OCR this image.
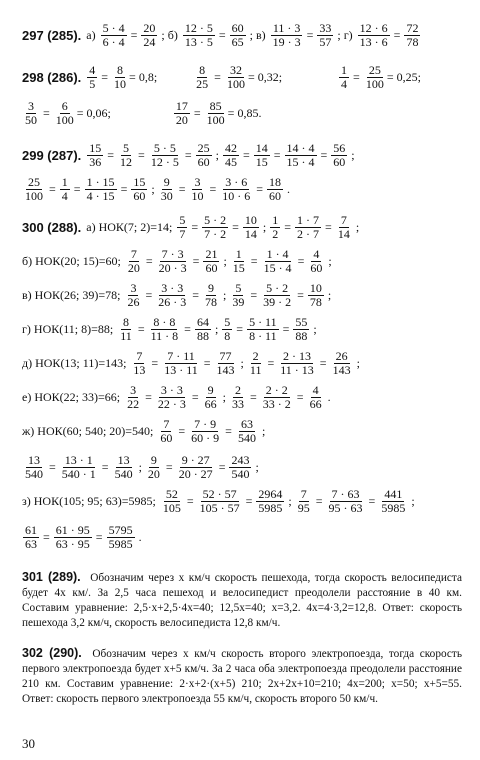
297 (285). $а) \frac{5 \cdot 4}{6 \cdot 4} = \frac{20}{24}$ ; $б) \frac{12 \cdot 5}{13 \cdot 5} = \frac{60}{65}$ ; $в) \frac{11 \cdot 3}{19 \cdot 3} = \frac{33}{57}$ ; $г) \frac{12 \cdot 6}{13 \cdot 6} = \frac{72}{78}$
298 (286). $\frac{4}{5} = \frac{8}{10} = 0,8$;	$\frac{8}{25} = \frac{32}{100} = 0,32$;	$\frac{1}{4} = \frac{25}{100} = 0,25$;
$\frac{3}{50} = \frac{6}{100} = 0,06$;	$\frac{17}{20} = \frac{85}{100} = 0,85$.
299 (287). $\frac{15}{36} = \frac{5}{12} = \frac{5 \cdot 5}{12 \cdot 5} = \frac{25}{60}$ ; $\frac{42}{45} = \frac{14}{15} = \frac{14 \cdot 4}{15 \cdot 4} = \frac{56}{60}$ ;
$\frac{25}{100} = \frac{1}{4} = \frac{1 \cdot 15}{4 \cdot 15} = \frac{15}{60}$ ; $\frac{9}{30} = \frac{3}{10} = \frac{3 \cdot 6}{10 \cdot 6} = \frac{18}{60}$ .
300 (288). а) НОК(7; 2)=14; $\frac{5}{7} = \frac{5 \cdot 2}{7 \cdot 2} = \frac{10}{14}$ ; $\frac{1}{2} = \frac{1 \cdot 7}{2 \cdot 7} = \frac{7}{14}$ ;
б) НОК(20; 15)=60; $\frac{7}{20} = \frac{7 \cdot 3}{20 \cdot 3} = \frac{21}{60}$ ; $\frac{1}{15} = \frac{1 \cdot 4}{15 \cdot 4} = \frac{4}{60}$ ;
в) НОК(26; 39)=78; $\frac{3}{26} = \frac{3 \cdot 3}{26 \cdot 3} = \frac{9}{78}$ ; $\frac{5}{39} = \frac{5 \cdot 2}{39 \cdot 2} = \frac{10}{78}$ ;
г) НОК(11; 8)=88; $\frac{8}{11} = \frac{8 \cdot 8}{11 \cdot 8} = \frac{64}{88}$ ; $\frac{5}{8} = \frac{5 \cdot 11}{8 \cdot 11} = \frac{55}{88}$ ;
д) НОК(13; 11)=143; $\frac{7}{13} = \frac{7 \cdot 11}{13 \cdot 11} = \frac{77}{143}$ ; $\frac{2}{11} = \frac{2 \cdot 13}{11 \cdot 13} = \frac{26}{143}$ ;
е) НОК(22; 33)=66; $\frac{3}{22} = \frac{3 \cdot 3}{22 \cdot 3} = \frac{9}{66}$ ; $\frac{2}{33} = \frac{2 \cdot 2}{33 \cdot 2} = \frac{4}{66}$ .
ж) НОК(60; 540; 20)=540; $\frac{7}{60} = \frac{7 \cdot 9}{60 \cdot 9} = \frac{63}{540}$ ;
$\frac{13}{540} = \frac{13 \cdot 1}{540 \cdot 1} = \frac{13}{540}$ ; $\frac{9}{20} = \frac{9 \cdot 27}{20 \cdot 27} = \frac{243}{540}$ ;
з) НОК(105; 95; 63)=5985; $\frac{52}{105} = \frac{52 \cdot 57}{105 \cdot 57} = \frac{2964}{5985}$ ; $\frac{7}{95} = \frac{7 \cdot 63}{95 \cdot 63} = \frac{441}{5985}$ ;
$\frac{61}{63} = \frac{61 \cdot 95}{63 \cdot 95} = \frac{5795}{5985}$ .
301 (289). Обозначим через x км/ч скорость пешехода, тогда скорость велосипедиста будет 4x км/. За 2,5 часа пешеход и велосипедист преодолели расстояние в 40 км. Составим уравнение: 2,5·x+2,5·4x=40; 12,5x=40; x=3,2. 4x=4·3,2=12,8. Ответ: скорость пешехода 3,2 км/ч, скорость велосипедиста 12,8 км/ч.
302 (290). Обозначим через x км/ч скорость второго электропоезда, тогда скорость первого электропоезда будет x+5 км/ч. За 2 часа оба электропоезда преодолели расстояние 210 км. Составим уравнение: 2·x+2·(x+5) 210; 2x+2x+10=210; 4x=200; x=50; x+5=55. Ответ: скорость первого электропоезда 55 км/ч, скорость второго 50 км/ч.
30
